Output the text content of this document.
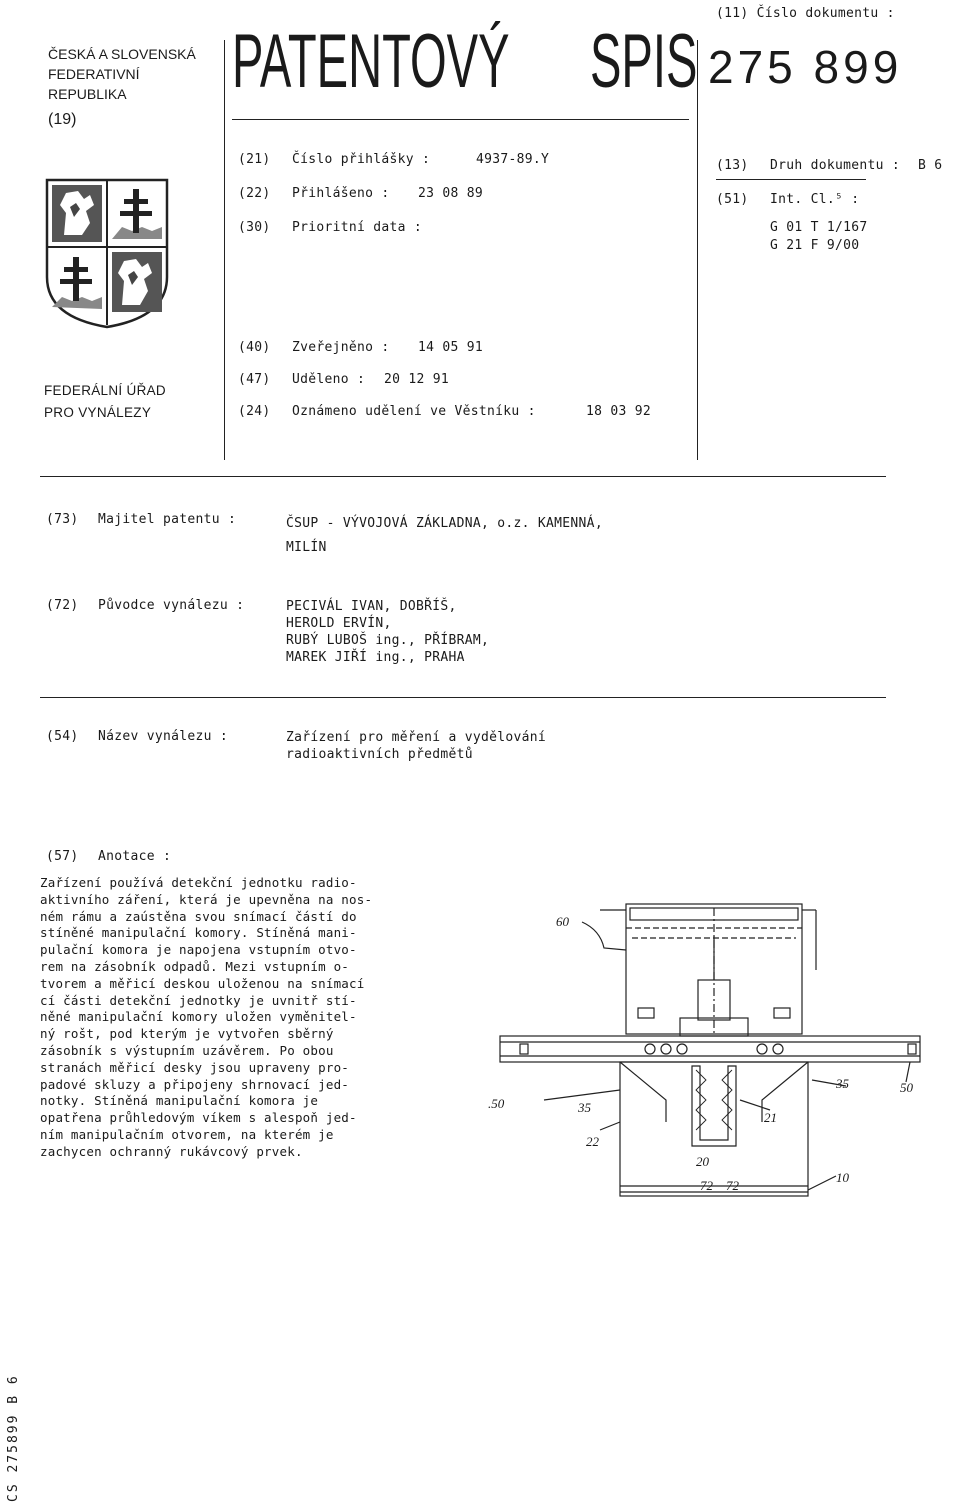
(11) Číslo dokumentu :
275 899
PATENTOVÝ SPIS
ČESKÁ A SLOVENSKÁ
FEDERATIVNÍ
REPUBLIKA
(19)
FEDERÁLNÍ ÚŘAD
PRO VYNÁLEZY
(21) Číslo přihlášky :	4937-89.Y
(22) Přihlášeno : 23 08 89
(30) Prioritní data :
(13) Druh dokumentu : B 6
(51) Int. Cl.⁵ :
G 01 T 1/167
G 21 F 9/00
(40) Zveřejněno : 14 05 91
(47) Uděleno : 20 12 91
(24) Oznámeno udělení ve Věstníku :	18 03 92
(73) Majitel patentu :	ČSUP - VÝVOJOVÁ ZÁKLADNA, o.z. KAMENNÁ,
MILÍN
(72) Původce vynálezu :	PECIVÁL IVAN, DOBŘÍŠ,
HEROLD ERVÍN,
RUBÝ LUBOŠ ing., PŘÍBRAM,
MAREK JIŘÍ ing., PRAHA
(54) Název vynálezu :	Zařízení pro měření a vydělování
radioaktivních předmětů
(57) Anotace :
Zařízení používá detekční jednotku radio-
aktivního záření, která je upevněna na nos-
ném rámu a zaústěna svou snímací částí do
stíněné manipulační komory. Stíněná mani-
pulační komora je napojena vstupním otvo-
rem na zásobník odpadů. Mezi vstupním o-
tvorem a měřicí deskou uloženou na snímací
cí části detekční jednotky je uvnitř stí-
něné manipulační komory uložen vyměnitel-
ný rošt, pod kterým je vytvořen sběrný
zásobník s výstupním uzávěrem. Po obou
stranách měřicí desky jsou upraveny pro-
padové skluzy a připojeny shrnovací jed-
notky. Stíněná manipulační komora je
opatřena průhledovým víkem s alespoň jed-
ním manipulačním otvorem, na kterém je
zachycen ochranný rukávcový prvek.
60
.50	35
22
20
72 72
10
21
35	50
CS 275899 B 6
